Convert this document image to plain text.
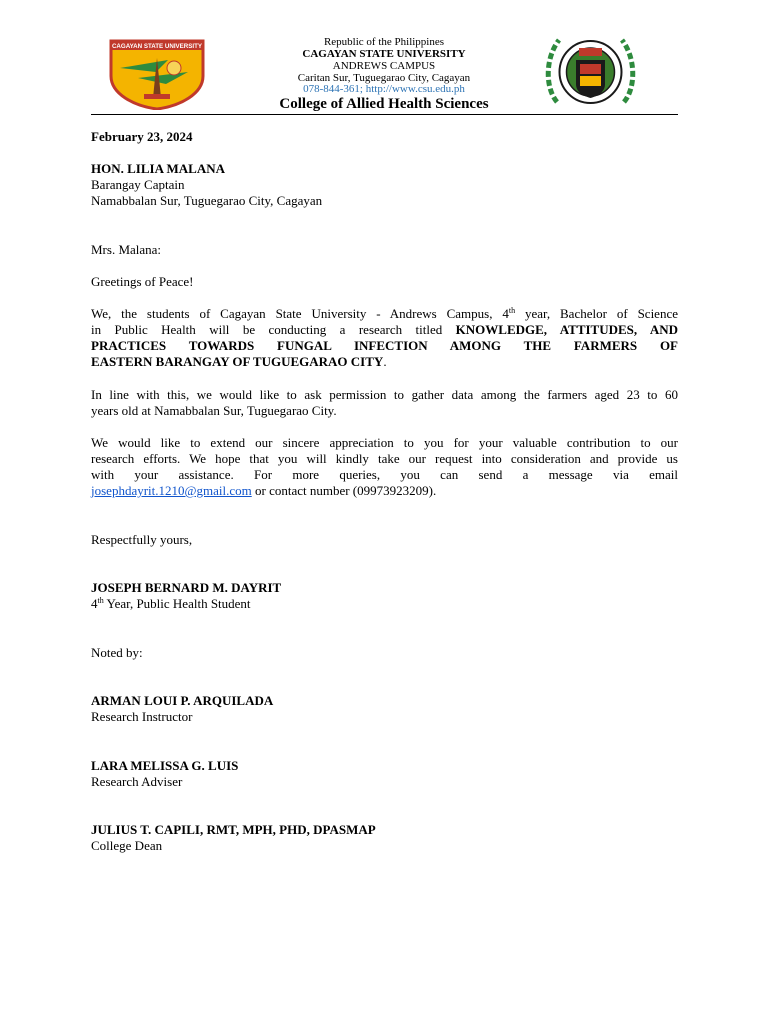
CAGAYAN STATE UNIVERSITY	Republic of the Philippines
CAGAYAN STATE UNIVERSITY
ANDREWS CAMPUS
Caritan Sur, Tuguegarao City, Cagayan
078-844-361; http://www.csu.edu.ph
College of Allied Health Sciences
February 23, 2024
HON. LILIA MALANA
Barangay Captain
Namabbalan Sur, Tuguegarao City, Cagayan
Mrs. Malana:
Greetings of Peace!
We, the students of Cagayan State University - Andrews Campus, 4th year, Bachelor of Science
in Public Health will be conducting a research titled KNOWLEDGE, ATTITUDES, AND
PRACTICES TOWARDS FUNGAL INFECTION AMONG THE FARMERS OF
EASTERN BARANGAY OF TUGUEGARAO CITY.
In line with this, we would like to ask permission to gather data among the farmers aged 23 to 60
years old at Namabbalan Sur, Tuguegarao City.
We would like to extend our sincere appreciation to you for your valuable contribution to our
research efforts. We hope that you will kindly take our request into consideration and provide us
with your assistance. For more queries, you can send a message via email
josephdayrit.1210@gmail.com or contact number (09973923209).
Respectfully yours,
JOSEPH BERNARD M. DAYRIT
4th Year, Public Health Student
Noted by:
ARMAN LOUI P. ARQUILADA
Research Instructor
LARA MELISSA G. LUIS
Research Adviser
JULIUS T. CAPILI, RMT, MPH, PHD, DPASMAP
College Dean
